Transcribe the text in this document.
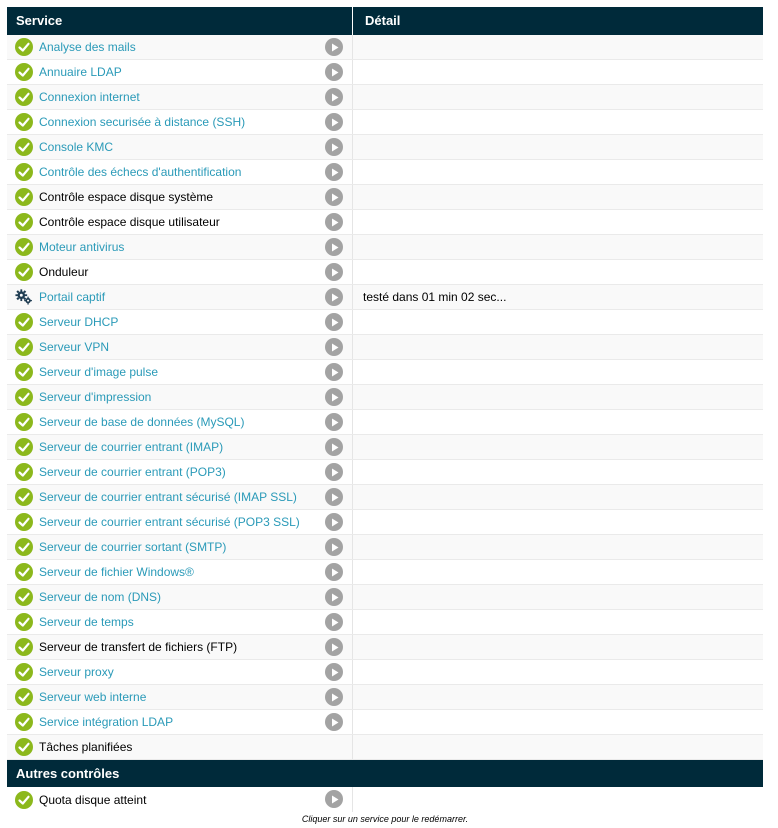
Service	Détail
Analyse des mails
Annuaire LDAP
Connexion internet
Connexion securisée à distance (SSH)
Console KMC
Contrôle des échecs d'authentification
Contrôle espace disque système
Contrôle espace disque utilisateur
Moteur antivirus
Onduleur
Portail captif	testé dans 01 min 02 sec...
Serveur DHCP
Serveur VPN
Serveur d'image pulse
Serveur d'impression
Serveur de base de données (MySQL)
Serveur de courrier entrant (IMAP)
Serveur de courrier entrant (POP3)
Serveur de courrier entrant sécurisé (IMAP SSL)
Serveur de courrier entrant sécurisé (POP3 SSL)
Serveur de courrier sortant (SMTP)
Serveur de fichier Windows®
Serveur de nom (DNS)
Serveur de temps
Serveur de transfert de fichiers (FTP)
Serveur proxy
Serveur web interne
Service intégration LDAP
Tâches planifiées
Autres contrôles
Quota disque atteint
Cliquer sur un service pour le redémarrer.
